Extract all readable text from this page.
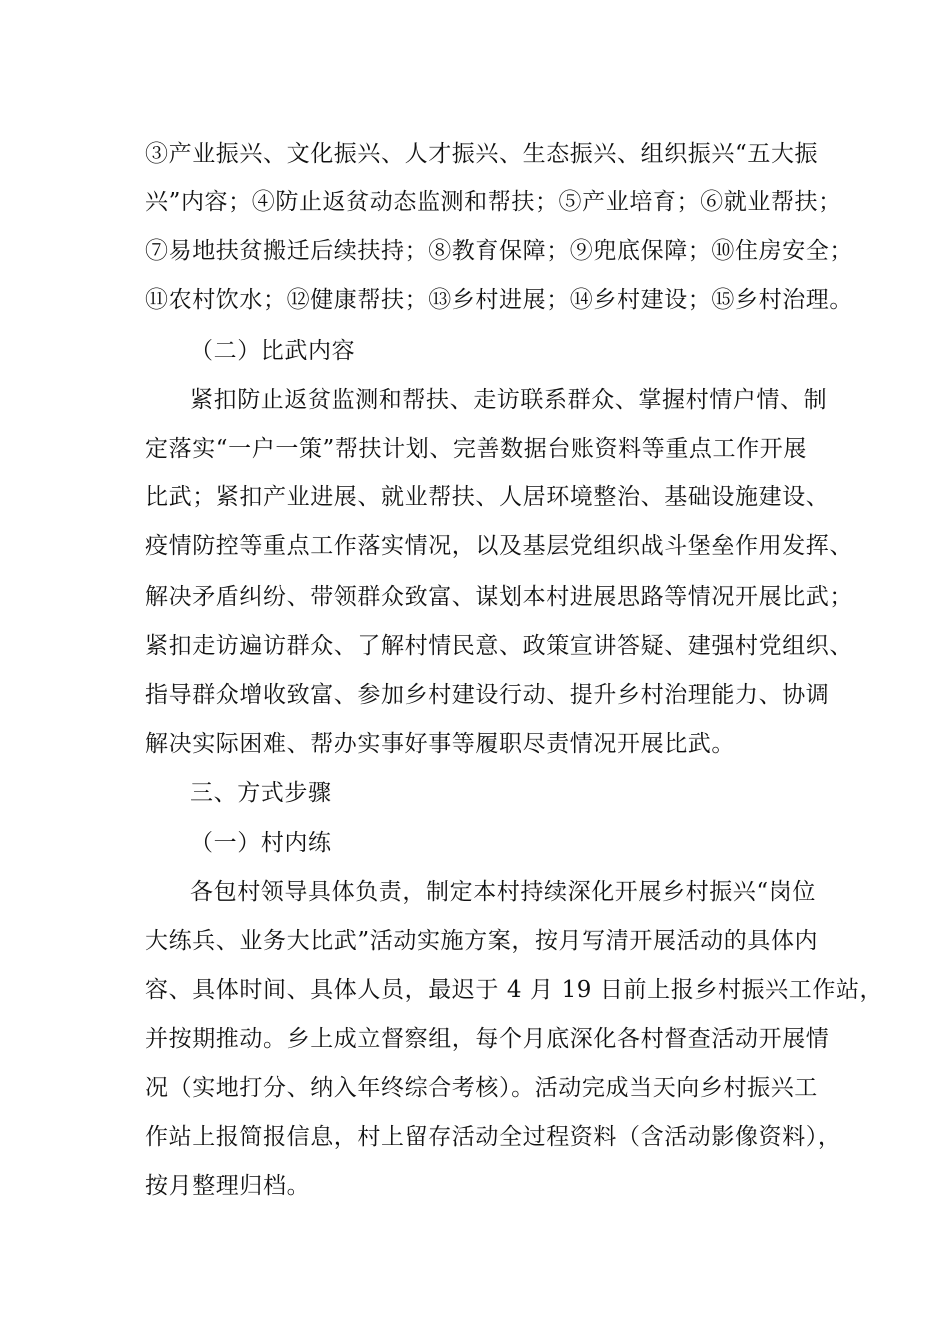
③产业振兴、文化振兴、人才振兴、生态振兴、组织振兴“五大振
兴”内容；④防止返贫动态监测和帮扶；⑤产业培育；⑥就业帮扶；
⑦易地扶贫搬迁后续扶持；⑧教育保障；⑨兜底保障；⑩住房安全；
⑪农村饮水；⑫健康帮扶；⑬乡村进展；⑭乡村建设；⑮乡村治理。
（二）比武内容
紧扣防止返贫监测和帮扶、走访联系群众、掌握村情户情、制
定落实“一户一策”帮扶计划、完善数据台账资料等重点工作开展
比武；紧扣产业进展、就业帮扶、人居环境整治、基础设施建设、
疫情防控等重点工作落实情况，以及基层党组织战斗堡垒作用发挥、
解决矛盾纠纷、带领群众致富、谋划本村进展思路等情况开展比武；
紧扣走访遍访群众、了解村情民意、政策宣讲答疑、建强村党组织、
指导群众增收致富、参加乡村建设行动、提升乡村治理能力、协调
解决实际困难、帮办实事好事等履职尽责情况开展比武。
三、方式步骤
（一）村内练
各包村领导具体负责，制定本村持续深化开展乡村振兴“岗位
大练兵、业务大比武”活动实施方案，按月写清开展活动的具体内
容、具体时间、具体人员，最迟于 4 月 19 日前上报乡村振兴工作站，
并按期推动。乡上成立督察组，每个月底深化各村督查活动开展情
况（实地打分、纳入年终综合考核）。活动完成当天向乡村振兴工
作站上报简报信息，村上留存活动全过程资料（含活动影像资料），
按月整理归档。
